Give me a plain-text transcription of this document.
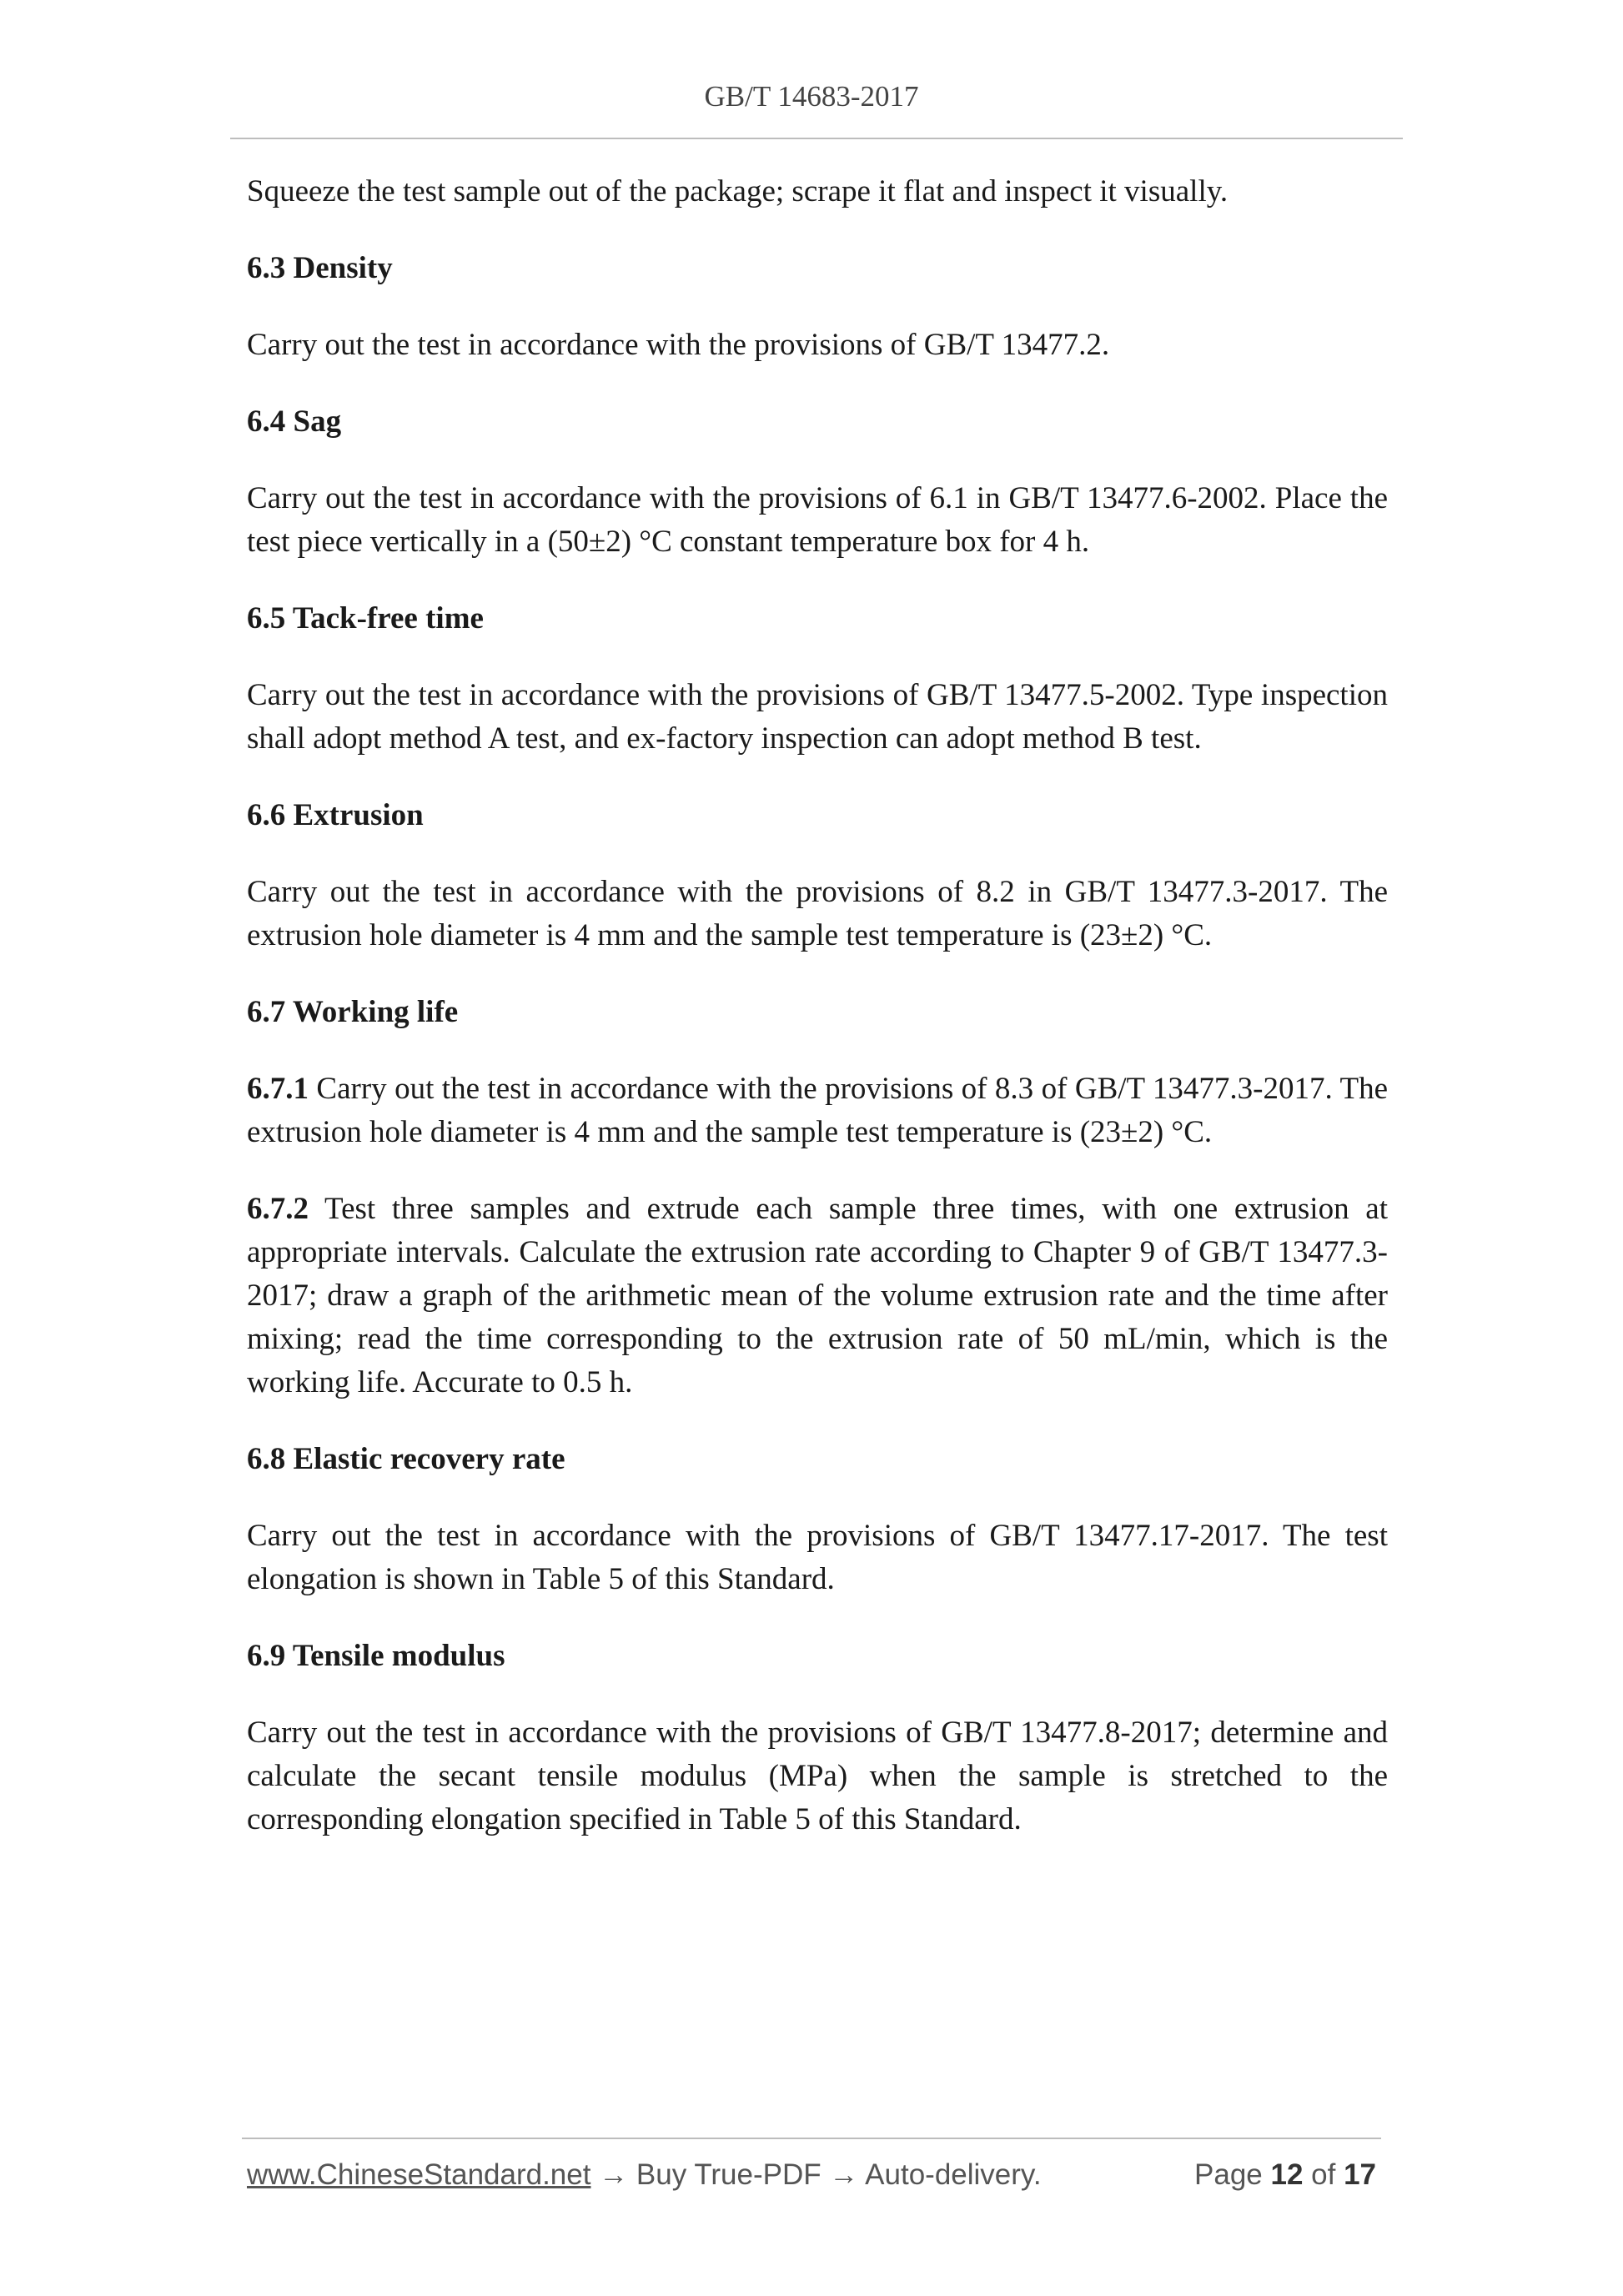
GB/T 14683-2017

Squeeze the test sample out of the package; scrape it flat and inspect it visually.

6.3 Density

Carry out the test in accordance with the provisions of GB/T 13477.2.

6.4 Sag

Carry out the test in accordance with the provisions of 6.1 in GB/T 13477.6-2002. Place the test piece vertically in a (50±2) °C constant temperature box for 4 h.

6.5 Tack-free time

Carry out the test in accordance with the provisions of GB/T 13477.5-2002. Type inspection shall adopt method A test, and ex-factory inspection can adopt method B test.

6.6 Extrusion

Carry out the test in accordance with the provisions of 8.2 in GB/T 13477.3-2017. The extrusion hole diameter is 4 mm and the sample test temperature is (23±2) °C.

6.7 Working life

6.7.1 Carry out the test in accordance with the provisions of 8.3 of GB/T 13477.3-2017. The extrusion hole diameter is 4 mm and the sample test temperature is (23±2) °C.

6.7.2 Test three samples and extrude each sample three times, with one extrusion at appropriate intervals. Calculate the extrusion rate according to Chapter 9 of GB/T 13477.3-2017; draw a graph of the arithmetic mean of the volume extrusion rate and the time after mixing; read the time corresponding to the extrusion rate of 50 mL/min, which is the working life. Accurate to 0.5 h.

6.8 Elastic recovery rate

Carry out the test in accordance with the provisions of GB/T 13477.17-2017. The test elongation is shown in Table 5 of this Standard.

6.9 Tensile modulus

Carry out the test in accordance with the provisions of GB/T 13477.8-2017; determine and calculate the secant tensile modulus (MPa) when the sample is stretched to the corresponding elongation specified in Table 5 of this Standard.

www.ChineseStandard.net → Buy True-PDF → Auto-delivery.	Page 12 of 17
